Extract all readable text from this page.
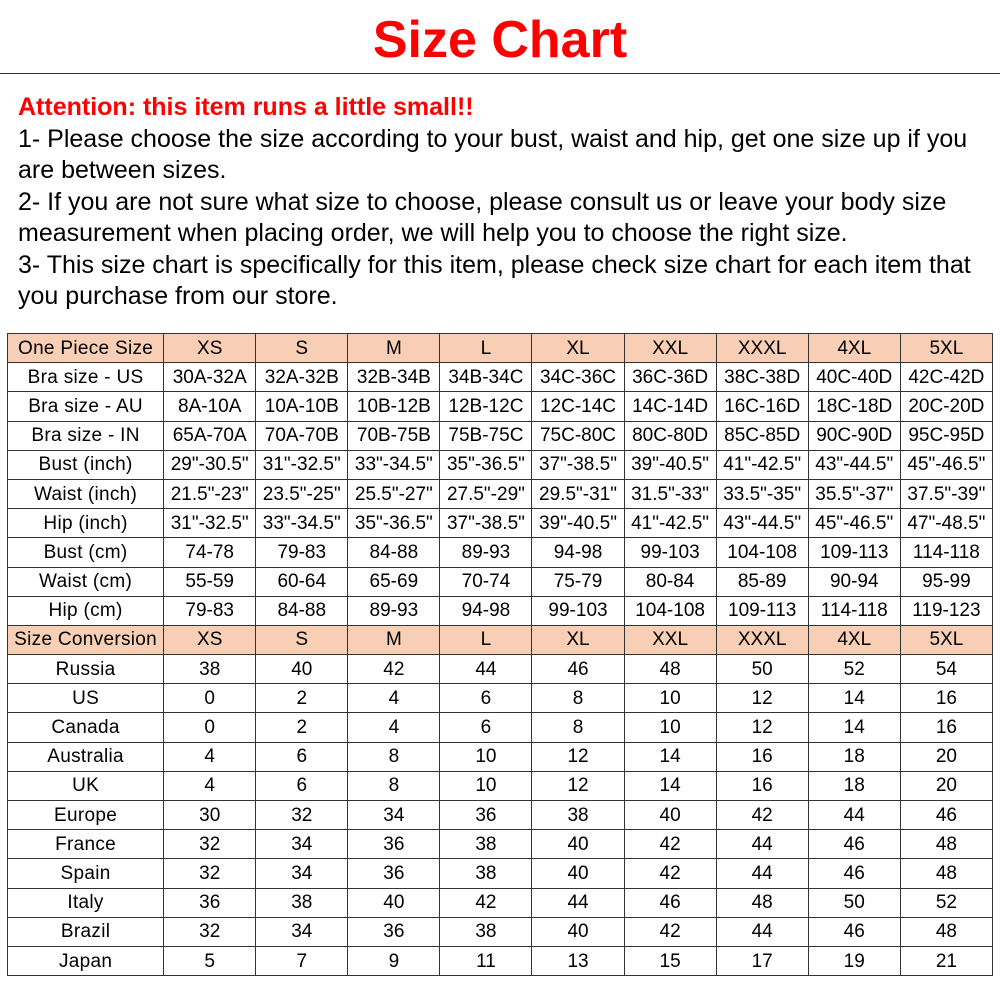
Size Chart
Attention: this item runs a little small!!
1- Please choose the size according to your bust, waist and hip, get one size up if you are between sizes.
2- If you are not sure what size to choose, please consult us or leave your body size measurement when placing order, we will help you to choose the right size.
3- This size chart is specifically for this item, please check size chart for each item that you purchase from our store.
One Piece Size	XS	S	M	L	XL	XXL	XXXL	4XL	5XL
Bra size - US	30A-32A	32A-32B	32B-34B	34B-34C	34C-36C	36C-36D	38C-38D	40C-40D	42C-42D
Bra size - AU	8A-10A	10A-10B	10B-12B	12B-12C	12C-14C	14C-14D	16C-16D	18C-18D	20C-20D
Bra size - IN	65A-70A	70A-70B	70B-75B	75B-75C	75C-80C	80C-80D	85C-85D	90C-90D	95C-95D
Bust (inch)	29"-30.5"	31"-32.5"	33"-34.5"	35"-36.5"	37"-38.5"	39"-40.5"	41"-42.5"	43"-44.5"	45"-46.5"
Waist (inch)	21.5"-23"	23.5"-25"	25.5"-27"	27.5"-29"	29.5"-31"	31.5"-33"	33.5"-35"	35.5"-37"	37.5"-39"
Hip (inch)	31"-32.5"	33"-34.5"	35"-36.5"	37"-38.5"	39"-40.5"	41"-42.5"	43"-44.5"	45"-46.5"	47"-48.5"
Bust (cm)	74-78	79-83	84-88	89-93	94-98	99-103	104-108	109-113	114-118
Waist (cm)	55-59	60-64	65-69	70-74	75-79	80-84	85-89	90-94	95-99
Hip (cm)	79-83	84-88	89-93	94-98	99-103	104-108	109-113	114-118	119-123
Size Conversion	XS	S	M	L	XL	XXL	XXXL	4XL	5XL
Russia	38	40	42	44	46	48	50	52	54
US	0	2	4	6	8	10	12	14	16
Canada	0	2	4	6	8	10	12	14	16
Australia	4	6	8	10	12	14	16	18	20
UK	4	6	8	10	12	14	16	18	20
Europe	30	32	34	36	38	40	42	44	46
France	32	34	36	38	40	42	44	46	48
Spain	32	34	36	38	40	42	44	46	48
Italy	36	38	40	42	44	46	48	50	52
Brazil	32	34	36	38	40	42	44	46	48
Japan	5	7	9	11	13	15	17	19	21
